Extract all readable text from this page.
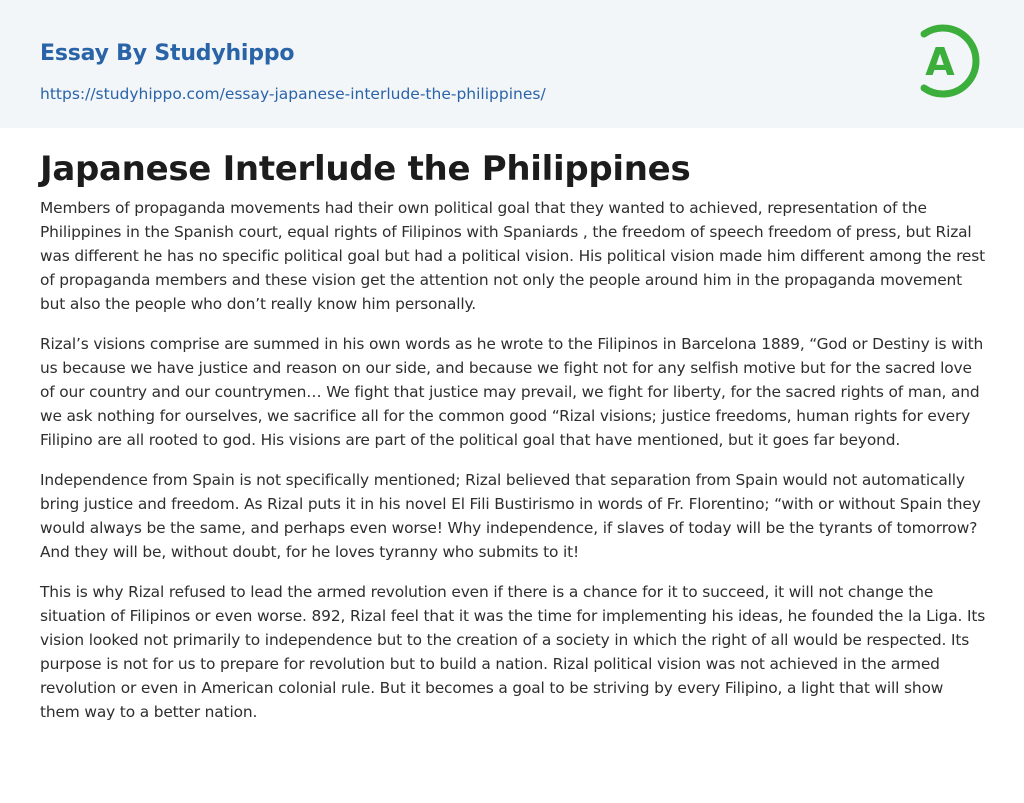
Essay By Studyhippo
https://studyhippo.com/essay-japanese-interlude-the-philippines/
A
Japanese Interlude the Philippines

Members of propaganda movements had their own political goal that they wanted to achieved, representation of the Philippines in the Spanish court, equal rights of Filipinos with Spaniards , the freedom of speech freedom of press, but Rizal was different he has no specific political goal but had a political vision. His political vision made him different among the rest of propaganda members and these vision get the attention not only the people around him in the propaganda movement but also the people who don’t really know him personally.

Rizal’s visions comprise are summed in his own words as he wrote to the Filipinos in Barcelona 1889, “God or Destiny is with us because we have justice and reason on our side, and because we fight not for any selfish motive but for the sacred love of our country and our countrymen… We fight that justice may prevail, we fight for liberty, for the sacred rights of man, and we ask nothing for ourselves, we sacrifice all for the common good “Rizal visions; justice freedoms, human rights for every Filipino are all rooted to god. His visions are part of the political goal that have mentioned, but it goes far beyond.

Independence from Spain is not specifically mentioned; Rizal believed that separation from Spain would not automatically bring justice and freedom. As Rizal puts it in his novel El Fili Bustirismo in words of Fr. Florentino; “with or without Spain they would always be the same, and perhaps even worse! Why independence, if slaves of today will be the tyrants of tomorrow? And they will be, without doubt, for he loves tyranny who submits to it!

This is why Rizal refused to lead the armed revolution even if there is a chance for it to succeed, it will not change the situation of Filipinos or even worse. 892, Rizal feel that it was the time for implementing his ideas, he founded the la Liga. Its vision looked not primarily to independence but to the creation of a society in which the right of all would be respected. Its purpose is not for us to prepare for revolution but to build a nation. Rizal political vision was not achieved in the armed revolution or even in American colonial rule. But it becomes a goal to be striving by every Filipino, a light that will show them way to a better nation.
